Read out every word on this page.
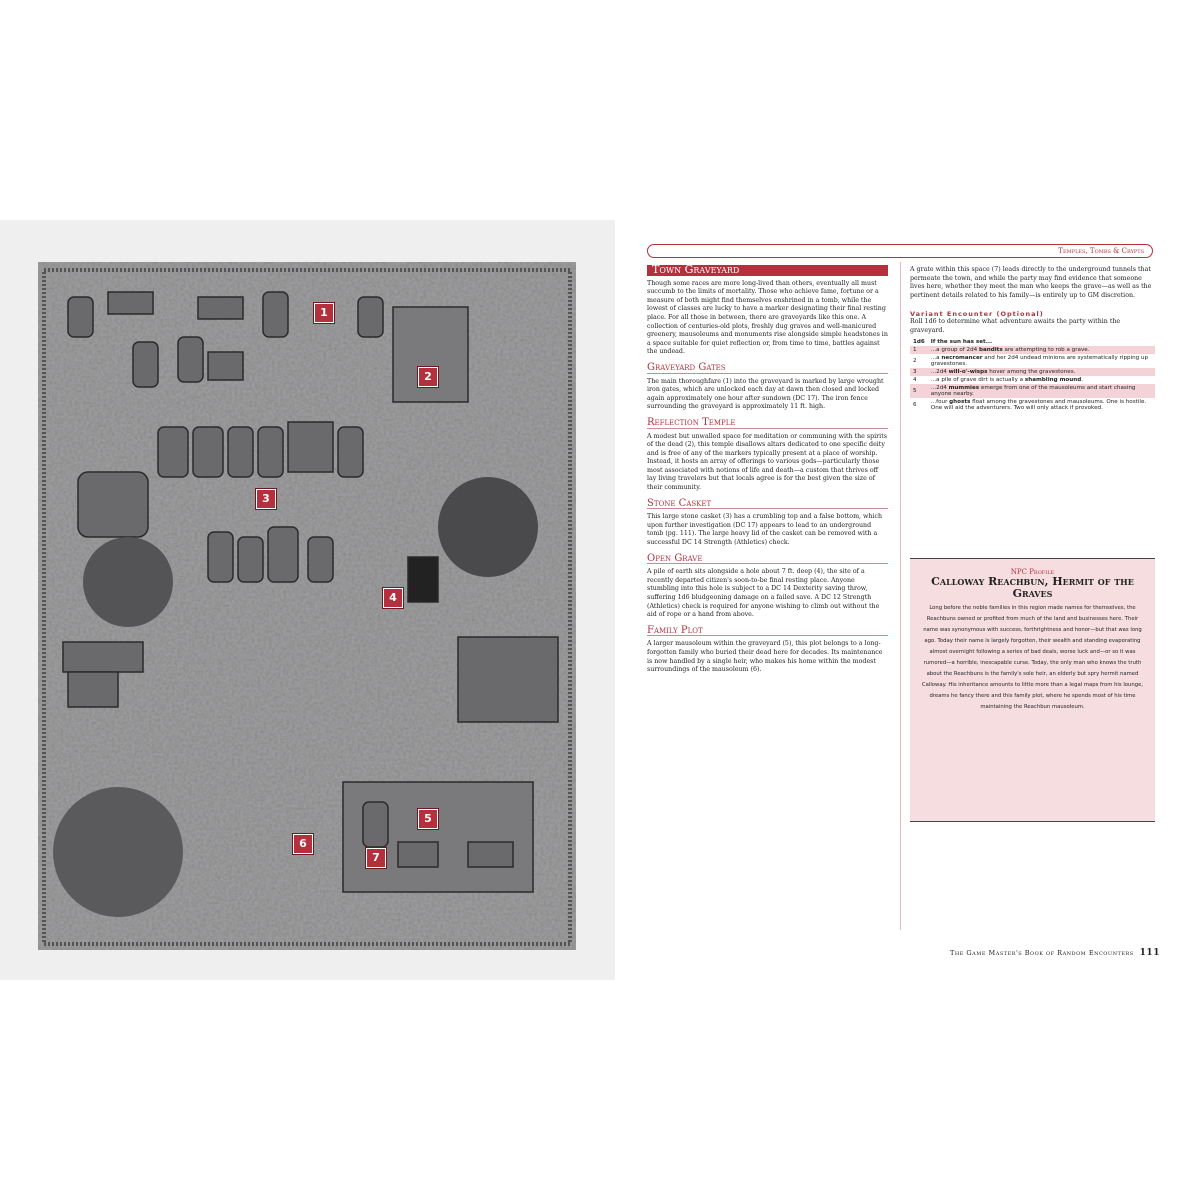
1
2
3
4
5
6
7
Temples, Tombs & Crypts
Town Graveyard

Though some races are more long-lived than others, eventually all must succumb to the limits of mortality. Those who achieve fame, fortune or a measure of both might find themselves enshrined in a tomb, while the lowest of classes are lucky to have a marker designating their final resting place. For all those in between, there are graveyards like this one. A collection of centuries-old plots, freshly dug graves and well-manicured greenery, mausoleums and monuments rise alongside simple headstones in a space suitable for quiet reflection or, from time to time, battles against the undead.

Graveyard Gates

The main thoroughfare (1) into the graveyard is marked by large wrought iron gates, which are unlocked each day at dawn then closed and locked again approximately one hour after sundown (DC 17). The iron fence surrounding the graveyard is approximately 11 ft. high.

Reflection Temple

A modest but unwalled space for meditation or communing with the spirits of the dead (2), this temple disallows altars dedicated to one specific deity and is free of any of the markers typically present at a place of worship. Instead, it hosts an array of offerings to various gods—particularly those most associated with notions of life and death—a custom that thrives off lay living travelers but that locals agree is for the best given the size of their community.

Stone Casket

This large stone casket (3) has a crumbling top and a false bottom, which upon further investigation (DC 17) appears to lead to an underground tomb (pg. 111). The large heavy lid of the casket can be removed with a successful DC 14 Strength (Athletics) check.

Open Grave

A pile of earth sits alongside a hole about 7 ft. deep (4), the site of a recently departed citizen's soon-to-be final resting place. Anyone stumbling into this hole is subject to a DC 14 Dexterity saving throw, suffering 1d6 bludgeoning damage on a failed save. A DC 12 Strength (Athletics) check is required for anyone wishing to climb out without the aid of rope or a hand from above.

Family Plot

A larger mausoleum within the graveyard (5), this plot belongs to a long-forgotten family who buried their dead here for decades. Its maintenance is now handled by a single heir, who makes his home within the modest surroundings of the mausoleum (6).

A grate within this space (7) leads directly to the underground tunnels that permeate the town, and while the party may find evidence that someone lives here, whether they meet the man who keeps the grave—as well as the pertinent details related to his family—is entirely up to GM discretion.

Variant Encounter (Optional)
Roll 1d6 to determine what adventure awaits the party within the graveyard.
1d6	If the sun has set...
1	...a group of 2d4 bandits are attempting to rob a grave.
2	...a necromancer and her 2d4 undead minions are systematically ripping up gravestones.
3	...2d4 will-o'-wisps hover among the gravestones.
4	...a pile of grave dirt is actually a shambling mound.
5	...2d4 mummies emerge from one of the mausoleums and start chasing anyone nearby.
6	...four ghosts float among the gravestones and mausoleums. One is hostile. One will aid the adventurers. Two will only attack if provoked.
NPC Profile
Calloway Reachbun, Hermit of the Graves
Long before the noble families in this region made names for themselves, the Reachbuns owned or profited from much of the land and businesses here. Their name was synonymous with success, forthrightness and honor—but that was long ago. Today their name is largely forgotten, their wealth and standing evaporating almost overnight following a series of bad deals, worse luck and—or so it was rumored—a horrible, inescapable curse. Today, the only man who knows the truth about the Reachbuns is the family's sole heir, an elderly but spry hermit named Calloway. His inheritance amounts to little more than a legal maps from his lounge, dreams he fancy there and this family plot, where he spends most of his time maintaining the Reachbun mausoleum.
The Game Master's Book of Random Encounters 111
